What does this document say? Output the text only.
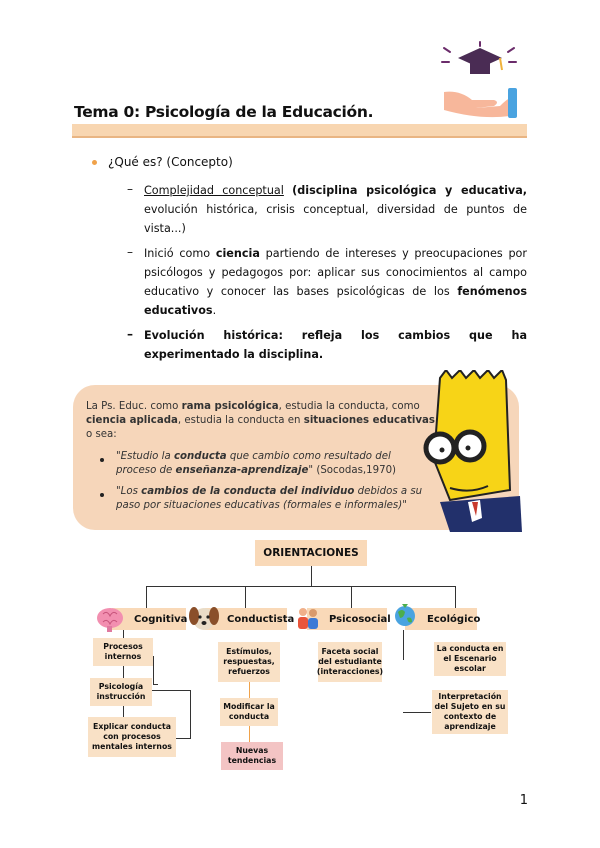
Tema 0: Psicología de la Educación.
¿Qué es? (Concepto)
– Complejidad conceptual (disciplina psicológica y educativa, evolución histórica, crisis conceptual, diversidad de puntos de vista...)
– Inició como ciencia partiendo de intereses y preocupaciones por psicólogos y pedagogos por: aplicar sus conocimientos al campo educativo y conocer las bases psicológicas de los fenómenos educativos.
– Evolución histórica: refleja los cambios que ha experimentado la disciplina.
La Ps. Educ. como rama psicológica, estudia la conducta, como ciencia aplicada, estudia la conducta en situaciones educativas o sea:
"Estudio la conducta que cambio como resultado del proceso de enseñanza-aprendizaje" (Socodas,1970)
"Los cambios de la conducta del individuo debidos a su paso por situaciones educativas (formales e informales)"
ORIENTACIONES
Cognitiva	Conductista	Psicosocial	Ecológico
Procesos internos
Psicología instrucción
Explicar conducta con procesos mentales internos
Estímulos, respuestas, refuerzos
Modificar la conducta
Nuevas tendencias
Faceta social del estudiante (interacciones)
La conducta en el Escenario escolar
Interpretación del Sujeto en su contexto de aprendizaje
1
